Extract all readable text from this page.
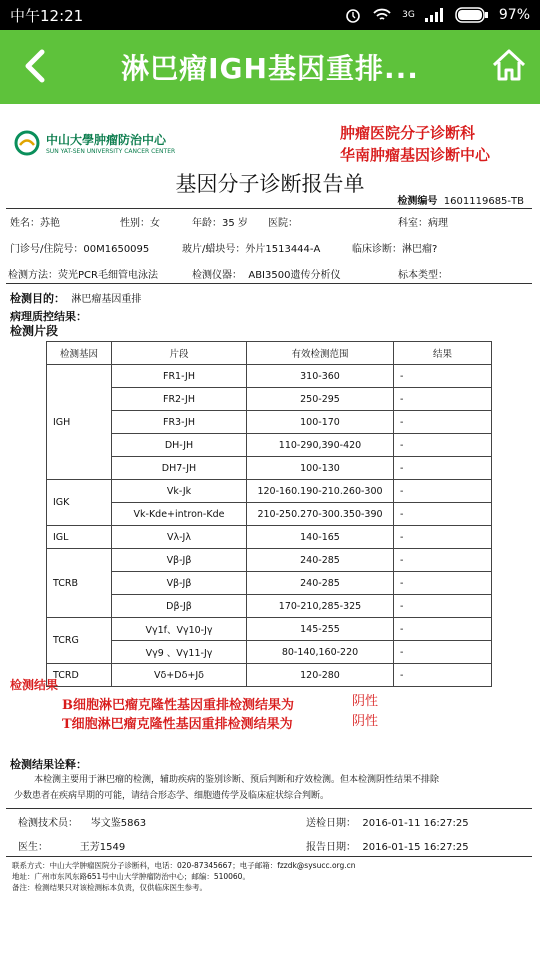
中午12:21	3G	97%
淋巴瘤IGH基因重排...
中山大學肿瘤防治中心
SUN YAT-SEN UNIVERSITY CANCER CENTER
肿瘤医院分子诊断科
华南肿瘤基因诊断中心
基因分子诊断报告单
检测编号 1601119685-TB
姓名：苏艳	性别：女	年龄：35 岁 医院：	科室：病理
门诊号/住院号：00M1650095	玻片/蜡块号：外片1513444-A	临床诊断：淋巴瘤?
检测方法：荧光PCR毛细管电泳法	检测仪器： ABI3500遗传分析仪	标本类型：
检测目的： 淋巴瘤基因重排
病理质控结果：
检测片段
检测基因	片段	有效检测范围	结果
IGH	FR1-JH	310-360	-
	FR2-JH	250-295	-
	FR3-JH	100-170	-
	DH-JH	110-290,390-420	-
	DH7-JH	100-130	-
IGK	Vk-Jk	120-160.190-210.260-300	-
	Vk-Kde+intron-Kde	210-250.270-300.350-390	-
IGL	Vλ-Jλ	140-165	-
TCRB	Vβ-Jβ	240-285	-
	Vβ-Jβ	240-285	-
	Dβ-Jβ	170-210,285-325	-
TCRG	Vγ1f、Vγ10-Jγ	145-255	-
	Vγ9 、Vγ11-Jγ	80-140,160-220	-
TCRD	Vδ+Dδ+Jδ	120-280	-
检测结果
B细胞淋巴瘤克隆性基因重排检测结果为	阴性
T细胞淋巴瘤克隆性基因重排检测结果为	阴性
检测结果诠释：
本检测主要用于淋巴瘤的检测，辅助疾病的鉴别诊断、预后判断和疗效检测。但本检测阴性结果不排除
少数患者在疾病早期的可能，请结合形态学、细胞遗传学及临床症状综合判断。
检测技术员： 岑文鉴5863	送检日期： 2016-01-11 16:27:25
医生：	王芳1549	报告日期： 2016-01-15 16:27:25
联系方式：中山大学肿瘤医院分子诊断科，电话：020-87345667；电子邮箱：fzzdk@sysucc.org.cn
地址：广州市东风东路651号中山大学肿瘤防治中心；邮编：510060。
备注：检测结果只对该检测标本负责，仅供临床医生参考。
